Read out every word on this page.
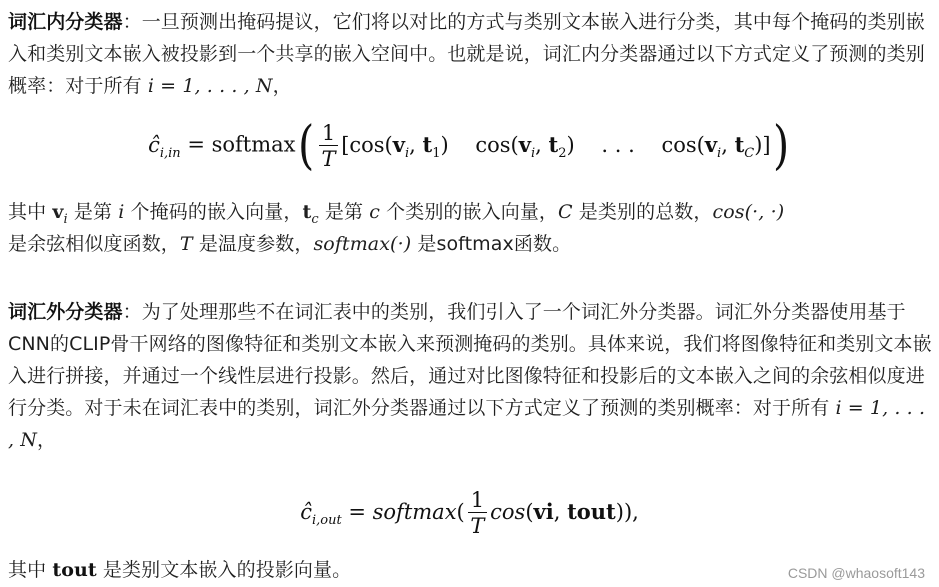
词汇内分类器：一旦预测出掩码提议，它们将以对比的方式与类别文本嵌入进行分类，其中每个掩码的类别嵌入和类别文本嵌入被投影到一个共享的嵌入空间中。也就是说，词汇内分类器通过以下方式定义了预测的类别概率：对于所有 i = 1, . . . , N，
$ĉ_{i,in}$ = softmax( $\frac{1}{T} [\cos(v_i$, $t_1$)    $\cos(v_i$, $t_2$)    . . .    $\cos(v_i$, $t_C$)])
其中 $v_i$ 是第 i 个掩码的嵌入向量，$t_c$ 是第 c 个类别的嵌入向量，C 是类别的总数，cos(·, ·)
是余弦相似度函数，T 是温度参数，softmax(·) 是softmax函数。
词汇外分类器：为了处理那些不在词汇表中的类别，我们引入了一个词汇外分类器。词汇外分类器使用基于CNN的CLIP骨干网络的图像特征和类别文本嵌入来预测掩码的类别。具体来说，我们将图像特征和类别文本嵌入进行拼接，并通过一个线性层进行投影。然后，通过对比图像特征和投影后的文本嵌入之间的余弦相似度进行分类。对于未在词汇表中的类别，词汇外分类器通过以下方式定义了预测的类别概率：对于所有 i = 1, . . . , N，
$ĉ_{i,out}$ = softmax( $\frac{1}{T} \cos(vi$, tout)),
其中 tout 是类别文本嵌入的投影向量。	CSDN @whaosoft143
